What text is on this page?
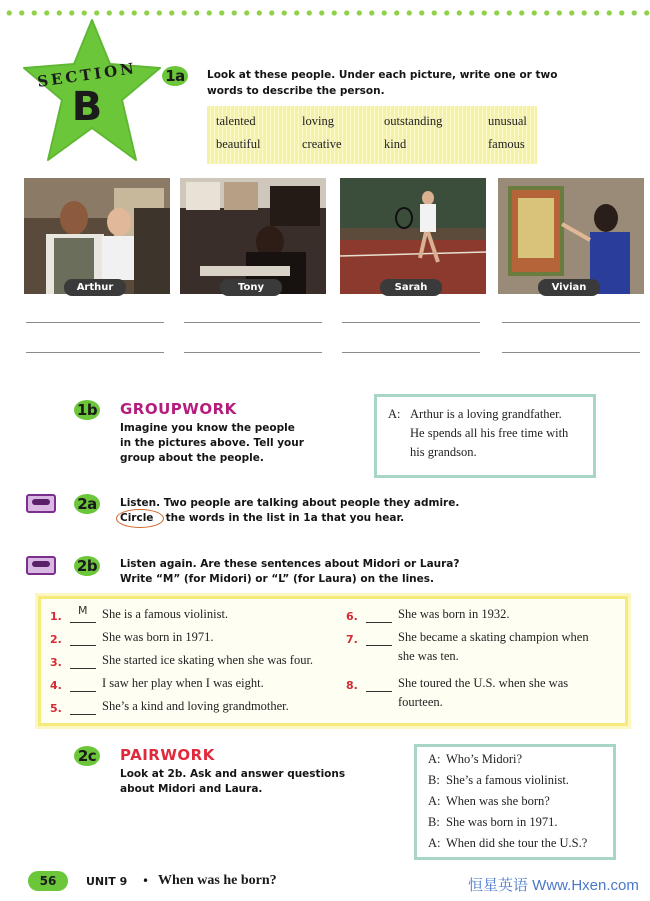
SECTION
B
1a	Look at these people. Under each picture, write one or two
words to describe the person.
talented	loving	outstanding	unusual
beautiful	creative	kind	famous
Arthur	Tony	Sarah	Vivian
1b GROUPWORK
Imagine you know the people
in the pictures above. Tell your
group about the people.
A: Arthur is a loving grandfather.
He spends all his free time with
his grandson.
2a	Listen. Two people are talking about people they admire.
Circle the words in the list in 1a that you hear.
2b Listen again. Are these sentences about Midori or Laura?
Write “M” (for Midori) or “L” (for Laura) on the lines.
1. M She is a famous violinist.
2.	She was born in 1971.
3.	She started ice skating when she was four.
4.	I saw her play when I was eight.
5.	She’s a kind and loving grandmother.
6.	She was born in 1932.
7.	She became a skating champion when
she was ten.
8.	She toured the U.S. when she was
fourteen.
2c PAIRWORK
Look at 2b. Ask and answer questions
about Midori and Laura.
A: Who’s Midori?
B: She’s a famous violinist.
A: When was she born?
B: She was born in 1971.
A: When did she tour the U.S.?
56	UNIT 9 • When was he born?	恒星英语 Www.Hxen.com
